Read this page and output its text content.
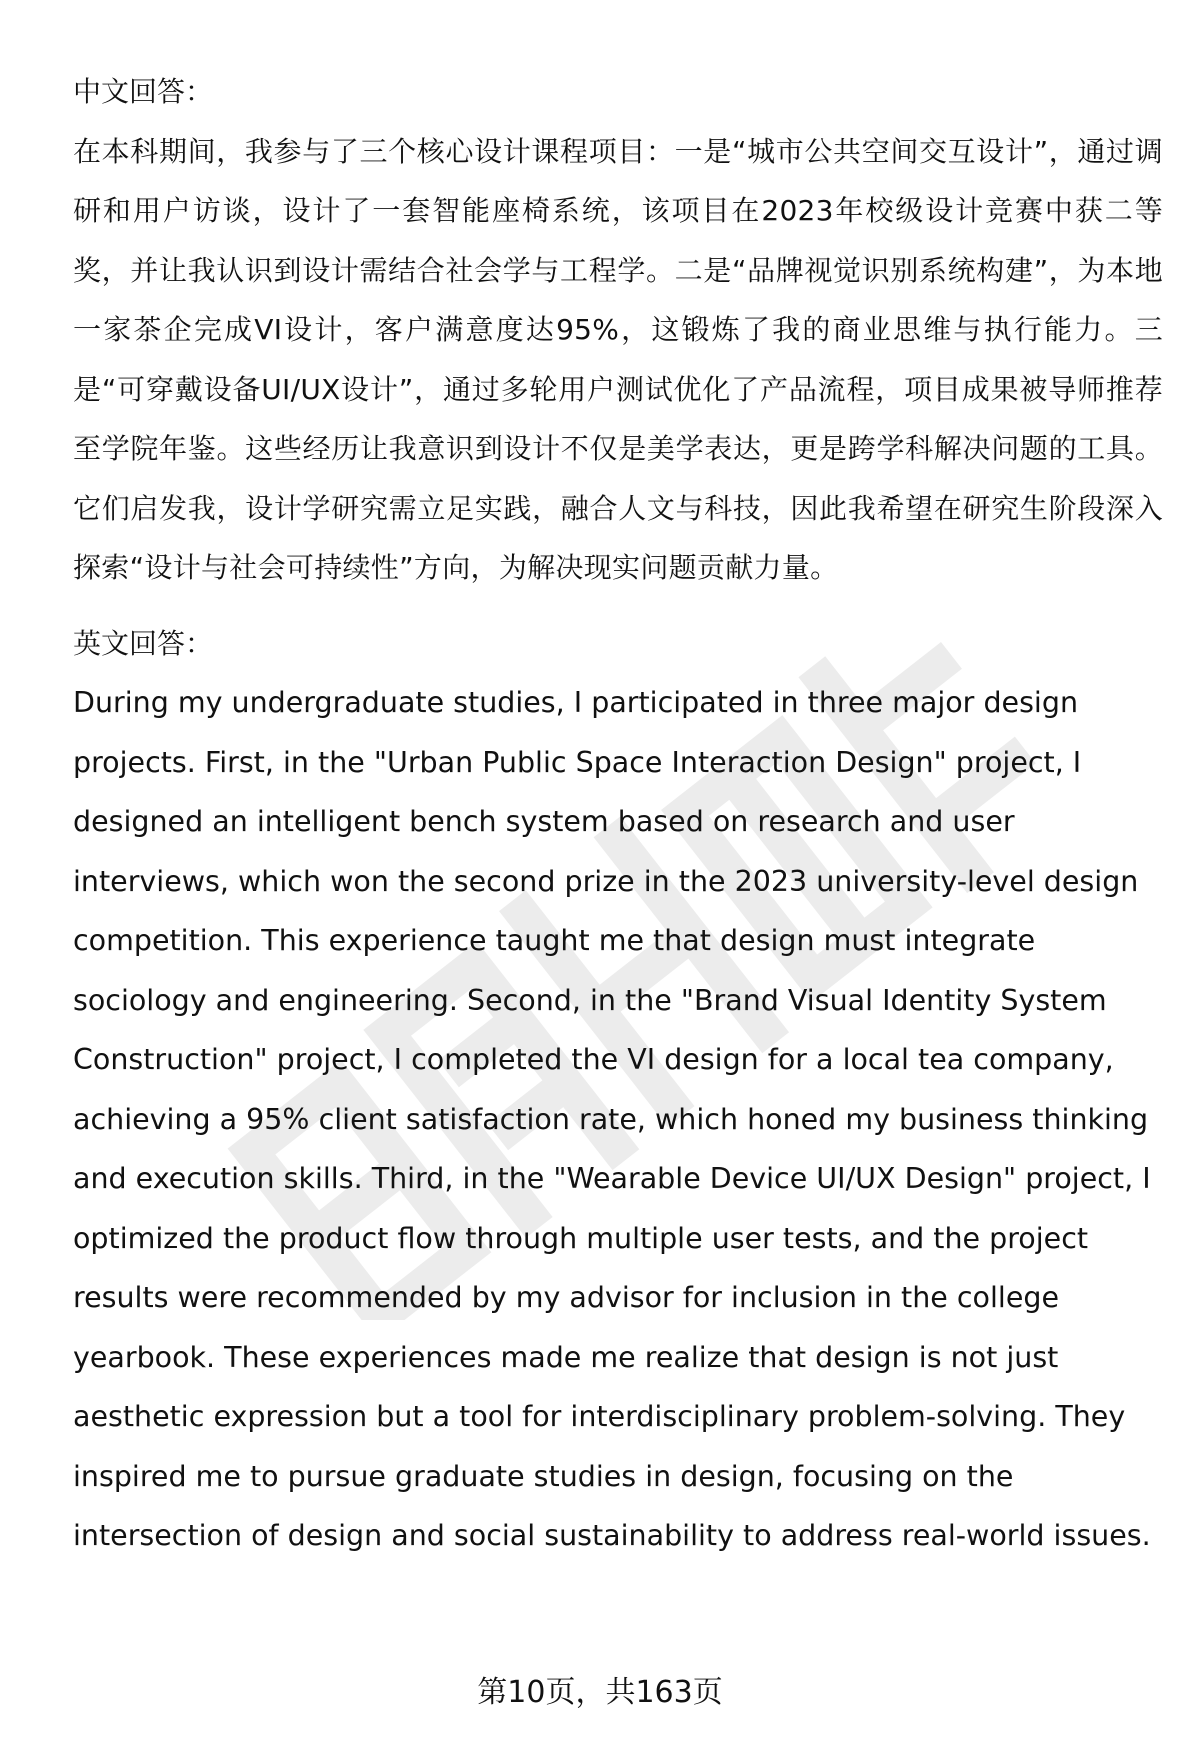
中文回答：

在本科期间，我参与了三个核心设计课程项目：一是“城市公共空间交互设计”，通过调研和用户访谈，设计了一套智能座椅系统，该项目在2023年校级设计竞赛中获二等奖，并让我认识到设计需结合社会学与工程学。二是“品牌视觉识别系统构建”，为本地一家茶企完成VI设计，客户满意度达95%，这锻炼了我的商业思维与执行能力。三是“可穿戴设备UI/UX设计”，通过多轮用户测试优化了产品流程，项目成果被导师推荐至学院年鉴。这些经历让我意识到设计不仅是美学表达，更是跨学科解决问题的工具。它们启发我，设计学研究需立足实践，融合人文与科技，因此我希望在研究生阶段深入探索“设计与社会可持续性”方向，为解决现实问题贡献力量。

英文回答：

During my undergraduate studies, I participated in three major design projects. First, in the "Urban Public Space Interaction Design" project, I designed an intelligent bench system based on research and user interviews, which won the second prize in the 2023 university-level design competition. This experience taught me that design must integrate sociology and engineering. Second, in the "Brand Visual Identity System Construction" project, I completed the VI design for a local tea company, achieving a 95% client satisfaction rate, which honed my business thinking and execution skills. Third, in the "Wearable Device UI/UX Design" project, I optimized the product flow through multiple user tests, and the project results were recommended by my advisor for inclusion in the college yearbook. These experiences made me realize that design is not just aesthetic expression but a tool for interdisciplinary problem-solving. They inspired me to pursue graduate studies in design, focusing on the intersection of design and social sustainability to address real-world issues.

第10页，共163页
